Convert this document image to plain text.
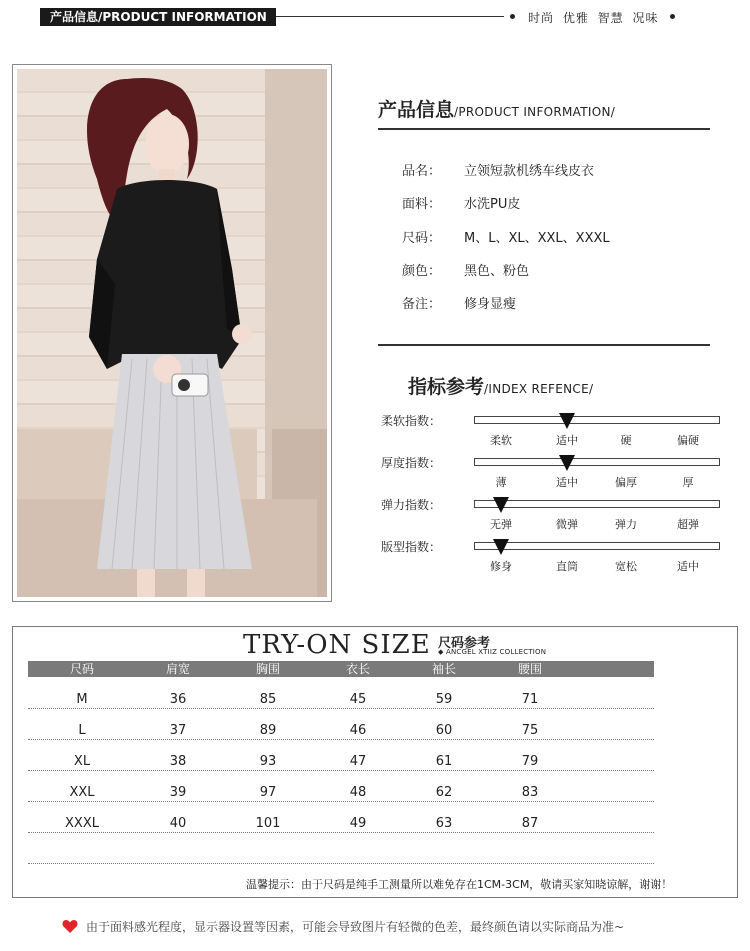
产品信息/PRODUCT INFORMATION	时尚 优雅 智慧 况味
产品信息/PRODUCT INFORMATION/
品名： 立领短款机绣车线皮衣
面料： 水洗PU皮
尺码： M、L、XL、XXL、XXXL
颜色： 黑色、粉色
备注： 修身显瘦
指标参考/INDEX REFENCE/
柔软指数：
柔软	适中	硬	偏硬
厚度指数：
薄	适中	偏厚	厚
弹力指数：
无弹	微弹	弹力	超弹
版型指数：
修身	直筒	宽松	适中
TRY-ON SIZE 尺码参考
◆ ANCGEL XTIIZ COLLECTION
尺码	肩宽	胸围	衣长	袖长	腰围
M	36	85	45	59	71
L	37	89	46	60	75
XL	38	93	47	61	79
XXL	39	97	48	62	83
XXXL	40	101	49	63	87
温馨提示：由于尺码是纯手工测量所以难免存在1CM-3CM，敬请买家知晓谅解，谢谢！
由于面料感光程度，显示器设置等因素，可能会导致图片有轻微的色差，最终颜色请以实际商品为准~
